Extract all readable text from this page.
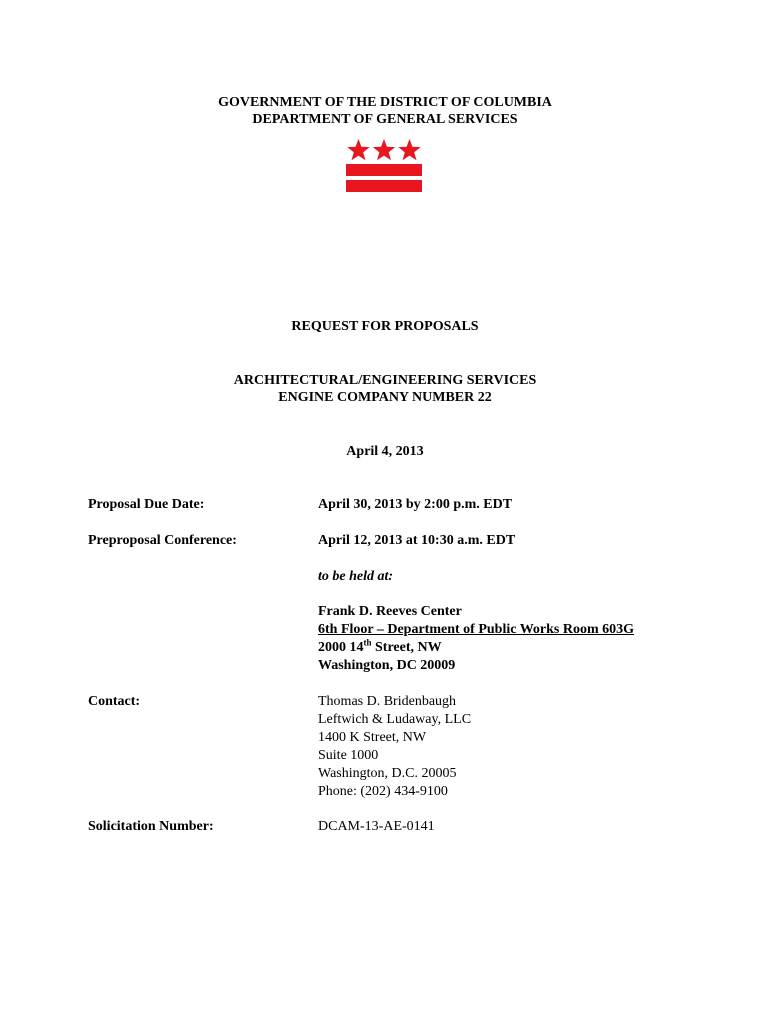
GOVERNMENT OF THE DISTRICT OF COLUMBIA
DEPARTMENT OF GENERAL SERVICES
REQUEST FOR PROPOSALS
ARCHITECTURAL/ENGINEERING SERVICES
ENGINE COMPANY NUMBER 22
April 4, 2013
Proposal Due Date:	April 30, 2013 by 2:00 p.m. EDT
Preproposal Conference:	April 12, 2013 at 10:30 a.m. EDT
to be held at:
Frank D. Reeves Center
6th Floor – Department of Public Works Room 603G
2000 14th Street, NW
Washington, DC 20009
Contact:	Thomas D. Bridenbaugh
Leftwich & Ludaway, LLC
1400 K Street, NW
Suite 1000
Washington, D.C. 20005
Phone: (202) 434-9100
Solicitation Number:	DCAM-13-AE-0141
